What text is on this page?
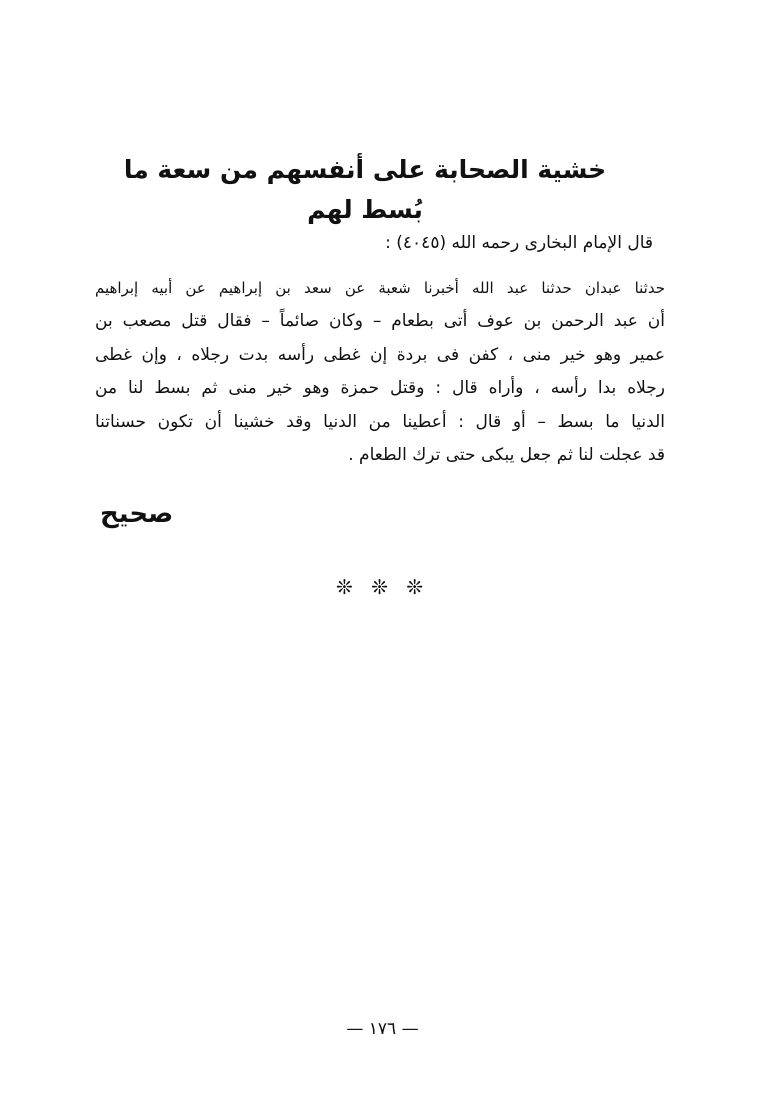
خشية الصحابة على أنفسهم من سعة ما بُسط لهم
قال الإمام البخارى رحمه الله (٤٠٤٥) :
حدثنا عبدان حدثنا عبد الله أخبرنا شعبة عن سعد بن إبراهيم عن أبيه إبراهيم
أن عبد الرحمن بن عوف أتى بطعام – وكان صائماً – فقال قتل مصعب بن
عمير وهو خير منى ، كفن فى بردة إن غطى رأسه بدت رجلاه ، وإن غطى
رجلاه بدا رأسه ، وأراه قال : وقتل حمزة وهو خير منى ثم بسط لنا من
الدنيا ما بسط – أو قال : أعطينا من الدنيا وقد خشينا أن تكون حسناتنا
قد عجلت لنا ثم جعل يبكى حتى ترك الطعام .
صحيح
❊ ❊ ❊
— ١٧٦ —
